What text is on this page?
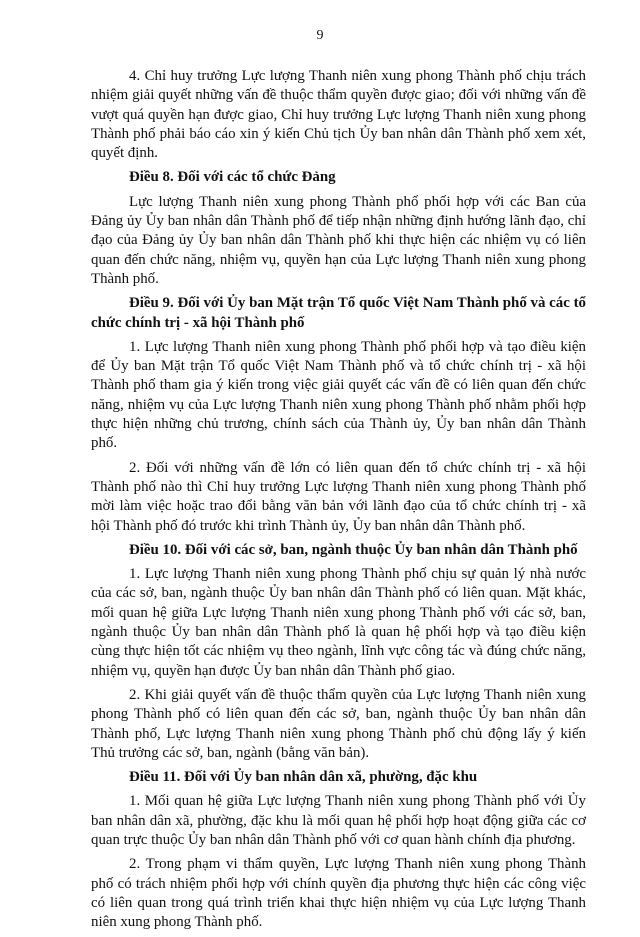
9

4. Chỉ huy trưởng Lực lượng Thanh niên xung phong Thành phố chịu trách nhiệm giải quyết những vấn đề thuộc thẩm quyền được giao; đối với những vấn đề vượt quá quyền hạn được giao, Chỉ huy trưởng Lực lượng Thanh niên xung phong Thành phố phải báo cáo xin ý kiến Chủ tịch Ủy ban nhân dân Thành phố xem xét, quyết định.

Điều 8. Đối với các tổ chức Đảng

Lực lượng Thanh niên xung phong Thành phố phối hợp với các Ban của Đảng ủy Ủy ban nhân dân Thành phố để tiếp nhận những định hướng lãnh đạo, chỉ đạo của Đảng ủy Ủy ban nhân dân Thành phố khi thực hiện các nhiệm vụ có liên quan đến chức năng, nhiệm vụ, quyền hạn của Lực lượng Thanh niên xung phong Thành phố.

Điều 9. Đối với Ủy ban Mặt trận Tổ quốc Việt Nam Thành phố và các tổ chức chính trị - xã hội Thành phố

1. Lực lượng Thanh niên xung phong Thành phố phối hợp và tạo điều kiện để Ủy ban Mặt trận Tổ quốc Việt Nam Thành phố và tổ chức chính trị - xã hội Thành phố tham gia ý kiến trong việc giải quyết các vấn đề có liên quan đến chức năng, nhiệm vụ của Lực lượng Thanh niên xung phong Thành phố nhằm phối hợp thực hiện những chủ trương, chính sách của Thành ủy, Ủy ban nhân dân Thành phố.

2. Đối với những vấn đề lớn có liên quan đến tổ chức chính trị - xã hội Thành phố nào thì Chỉ huy trưởng Lực lượng Thanh niên xung phong Thành phố mời làm việc hoặc trao đổi bằng văn bản với lãnh đạo của tổ chức chính trị - xã hội Thành phố đó trước khi trình Thành ủy, Ủy ban nhân dân Thành phố.

Điều 10. Đối với các sở, ban, ngành thuộc Ủy ban nhân dân Thành phố

1. Lực lượng Thanh niên xung phong Thành phố chịu sự quản lý nhà nước của các sở, ban, ngành thuộc Ủy ban nhân dân Thành phố có liên quan. Mặt khác, mối quan hệ giữa Lực lượng Thanh niên xung phong Thành phố với các sở, ban, ngành thuộc Ủy ban nhân dân Thành phố là quan hệ phối hợp và tạo điều kiện cùng thực hiện tốt các nhiệm vụ theo ngành, lĩnh vực công tác và đúng chức năng, nhiệm vụ, quyền hạn được Ủy ban nhân dân Thành phố giao.

2. Khi giải quyết vấn đề thuộc thẩm quyền của Lực lượng Thanh niên xung phong Thành phố có liên quan đến các sở, ban, ngành thuộc Ủy ban nhân dân Thành phố, Lực lượng Thanh niên xung phong Thành phố chủ động lấy ý kiến Thủ trưởng các sở, ban, ngành (bằng văn bản).

Điều 11. Đối với Ủy ban nhân dân xã, phường, đặc khu

1. Mối quan hệ giữa Lực lượng Thanh niên xung phong Thành phố với Ủy ban nhân dân xã, phường, đặc khu là mối quan hệ phối hợp hoạt động giữa các cơ quan trực thuộc Ủy ban nhân dân Thành phố với cơ quan hành chính địa phương.

2. Trong phạm vi thẩm quyền, Lực lượng Thanh niên xung phong Thành phố có trách nhiệm phối hợp với chính quyền địa phương thực hiện các công việc có liên quan trong quá trình triển khai thực hiện nhiệm vụ của Lực lượng Thanh niên xung phong Thành phố.
